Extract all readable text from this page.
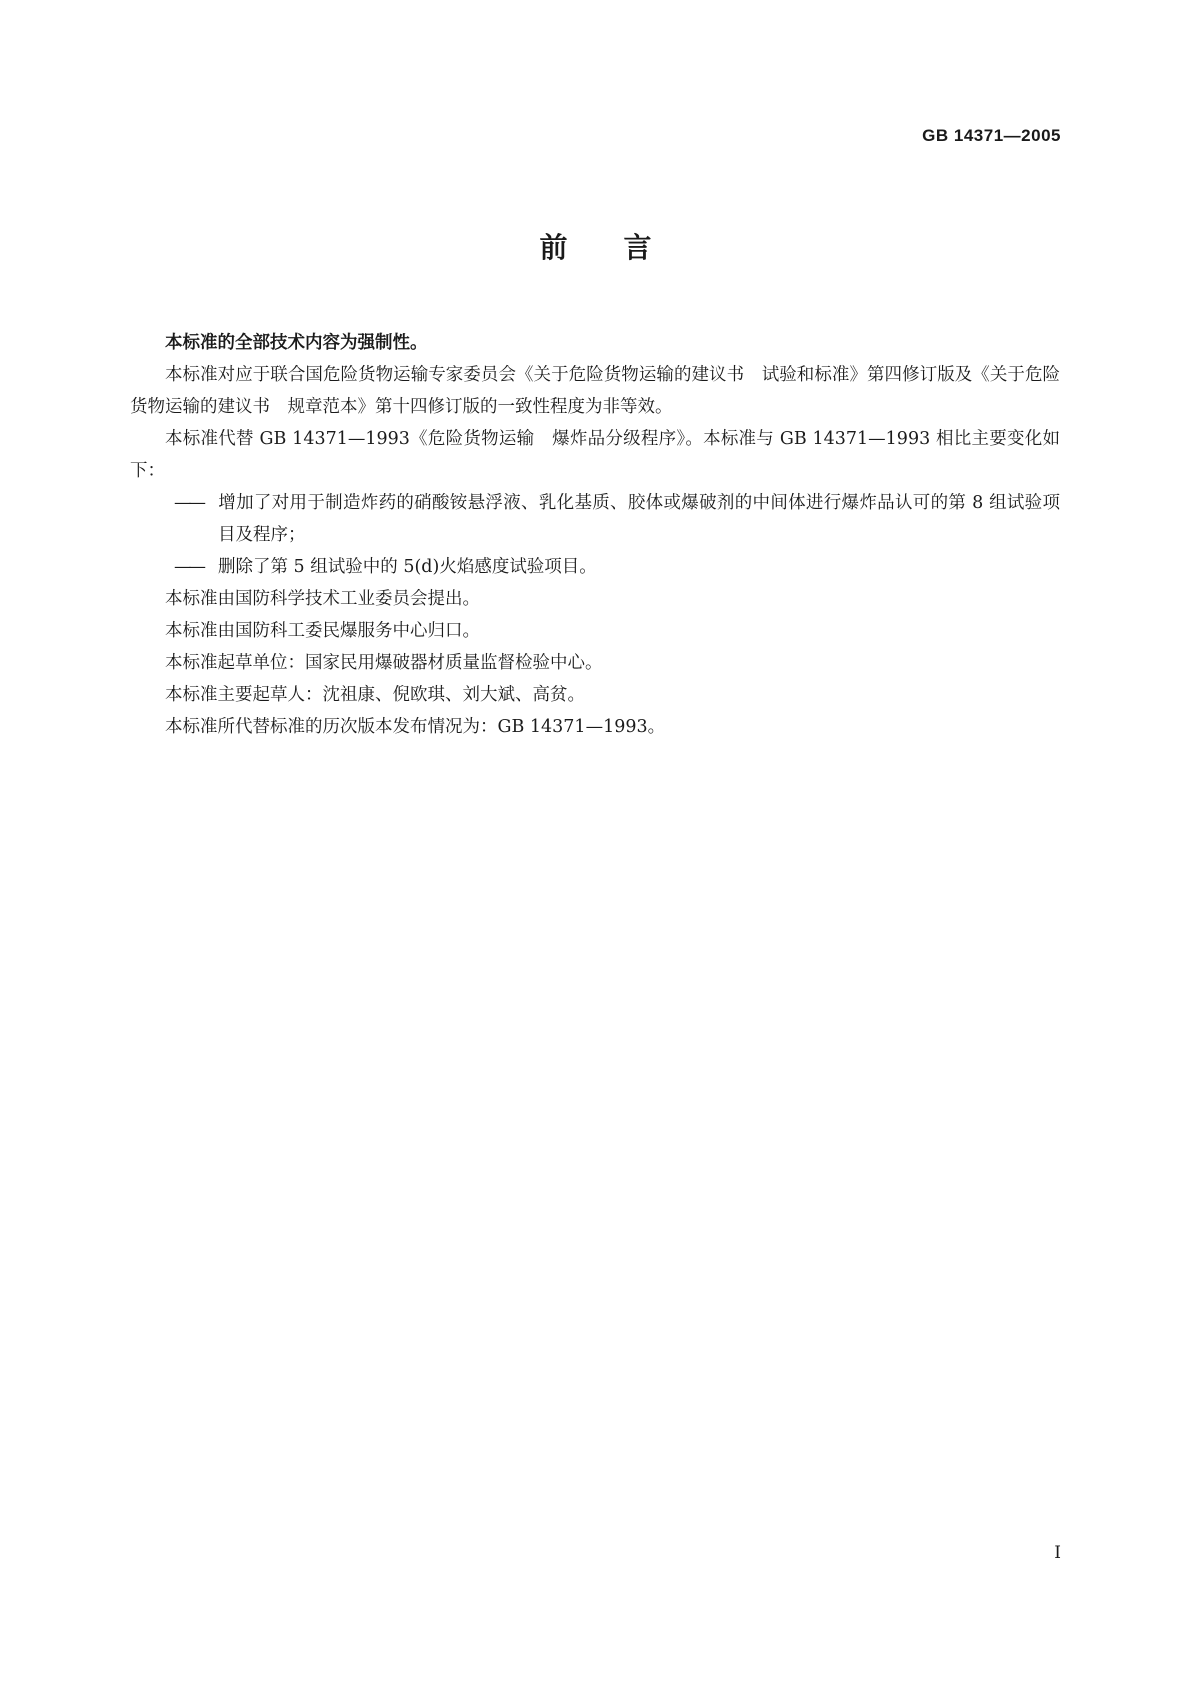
GB 14371—2005
前言

本标准的全部技术内容为强制性。

本标准对应于联合国危险货物运输专家委员会《关于危险货物运输的建议书　试验和标准》第四修订版及《关于危险货物运输的建议书　规章范本》第十四修订版的一致性程度为非等效。

本标准代替 GB 14371—1993《危险货物运输　爆炸品分级程序》。本标准与 GB 14371—1993 相比主要变化如下：

—— 增加了对用于制造炸药的硝酸铵悬浮液、乳化基质、胶体或爆破剂的中间体进行爆炸品认可的第 8 组试验项目及程序；

—— 删除了第 5 组试验中的 5(d)火焰感度试验项目。

本标准由国防科学技术工业委员会提出。

本标准由国防科工委民爆服务中心归口。

本标准起草单位：国家民用爆破器材质量监督检验中心。

本标准主要起草人：沈祖康、倪欧琪、刘大斌、高贫。

本标准所代替标准的历次版本发布情况为：GB 14371—1993。

I
